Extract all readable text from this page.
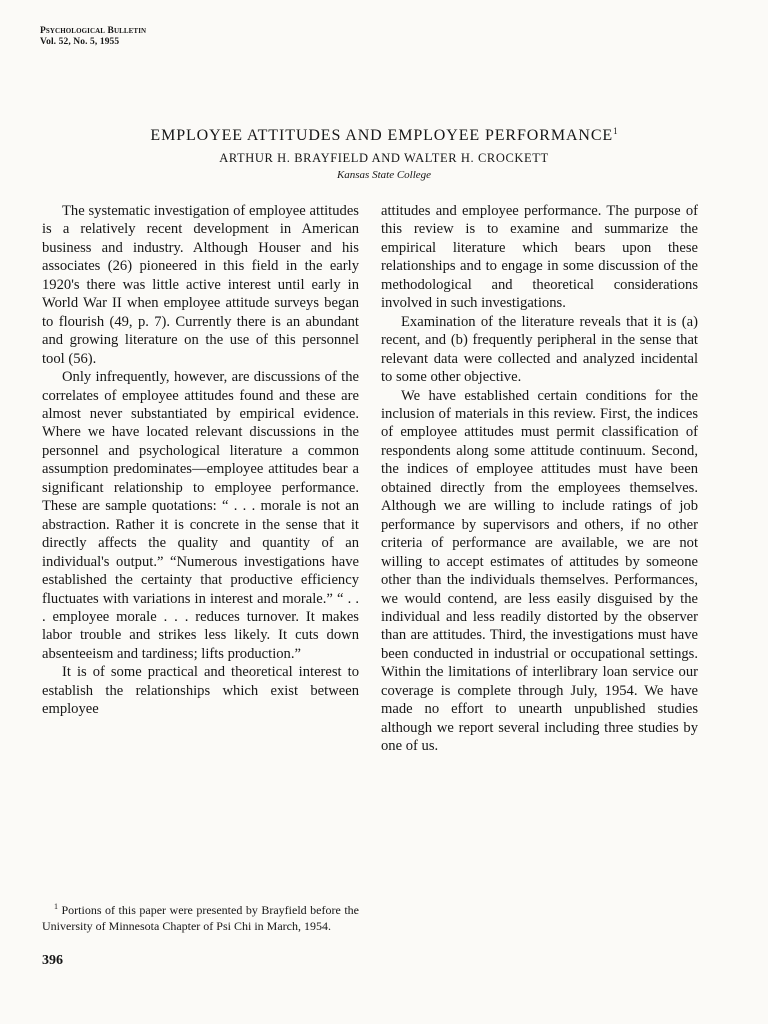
Psychological Bulletin
Vol. 52, No. 5, 1955
EMPLOYEE ATTITUDES AND EMPLOYEE PERFORMANCE$^1$
ARTHUR H. BRAYFIELD AND WALTER H. CROCKETT
Kansas State College

The systematic investigation of employee attitudes is a relatively recent development in American business and industry. Although Houser and his associates (26) pioneered in this field in the early 1920's there was little active interest until early in World War II when employee attitude surveys began to flourish (49, p. 7). Currently there is an abundant and growing literature on the use of this personnel tool (56).

Only infrequently, however, are discussions of the correlates of employee attitudes found and these are almost never substantiated by empirical evidence. Where we have located relevant discussions in the personnel and psychological literature a common assumption predominates—employee attitudes bear a significant relationship to employee performance. These are sample quotations: “ . . . morale is not an abstraction. Rather it is concrete in the sense that it directly affects the quality and quantity of an individual's output.” “Numerous investigations have established the certainty that productive efficiency fluctuates with variations in interest and morale.” “ . . . employee morale . . . reduces turnover. It makes labor trouble and strikes less likely. It cuts down absenteeism and tardiness; lifts production.”

It is of some practical and theoretical interest to establish the relationships which exist between employee

attitudes and employee performance. The purpose of this review is to examine and summarize the empirical literature which bears upon these relationships and to engage in some discussion of the methodological and theoretical considerations involved in such investigations.

Examination of the literature reveals that it is (a) recent, and (b) frequently peripheral in the sense that relevant data were collected and analyzed incidental to some other objective.

We have established certain conditions for the inclusion of materials in this review. First, the indices of employee attitudes must permit classification of respondents along some attitude continuum. Second, the indices of employee attitudes must have been obtained directly from the employees themselves. Although we are willing to include ratings of job performance by supervisors and others, if no other criteria of performance are available, we are not willing to accept estimates of attitudes by someone other than the individuals themselves. Performances, we would contend, are less easily disguised by the individual and less readily distorted by the observer than are attitudes. Third, the investigations must have been conducted in industrial or occupational settings. Within the limitations of interlibrary loan service our coverage is complete through July, 1954. We have made no effort to unearth unpublished studies although we report several including three studies by one of us.

$^1$ Portions of this paper were presented by Brayfield before the University of Minnesota Chapter of Psi Chi in March, 1954.

396
